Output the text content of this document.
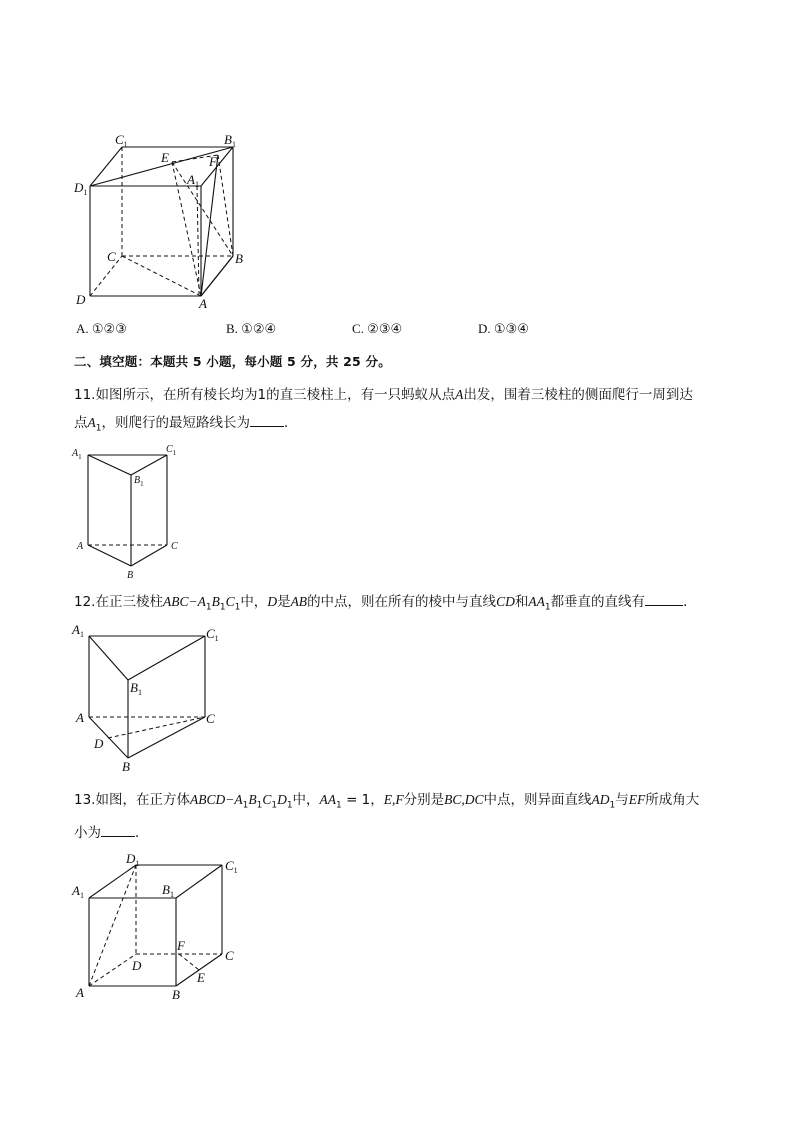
$C_1$	$B_1$
E	F
$D_1$
$A_1$
C	B
D	A
A. ①②③	B. ①②④	C. ②③④	D. ①③④
二、填空题：本题共 5 小题，每小题 5 分，共 25 分。
11.如图所示，在所有棱长均为1的直三棱柱上，有一只蚂蚁从点A出发，围着三棱柱的侧面爬行一周到达
点$A_1$，则爬行的最短路线长为	．
$A_1$
$C_1$
$B_1$
A	C
B
12.在正三棱柱$ABC-A_1B_1C_1$中，D是AB的中点，则在所有的棱中与直线CD和$AA_1$都垂直的直线有	．
$A_1$	$C_1$
$B_1$
A	C
D
B
13.如图，在正方体$ABCD-A_1B_1C_1D_1$中，$AA_1 = 1$，E,F分别是BC,DC中点，则异面直线$AD_1$与EF所成角大
小为	．
$D_1$	$C_1$
$A_1$	$B_1$
F
D
C
E
A	B
